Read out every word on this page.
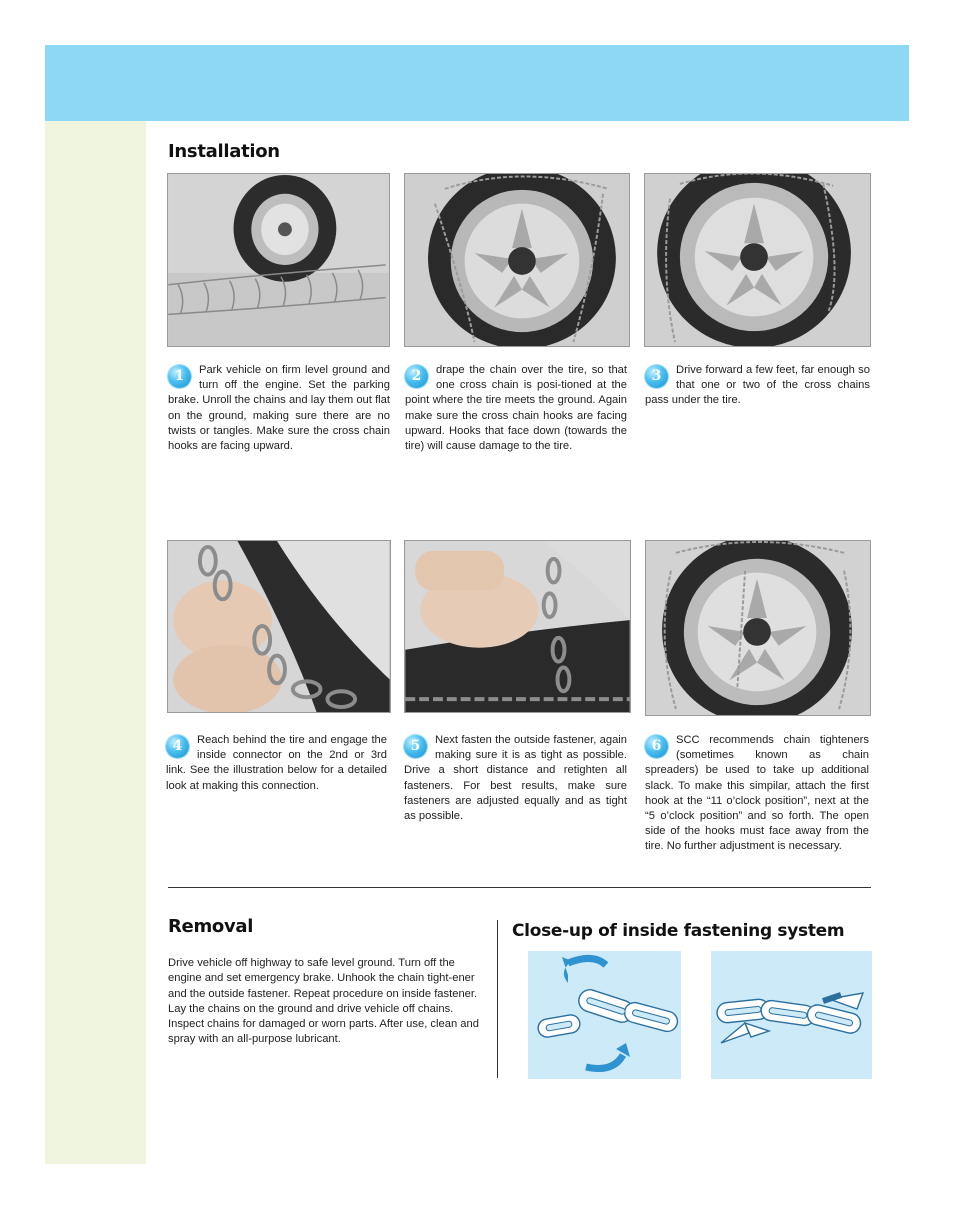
Installation
1	Park vehicle on firm level ground and turn off the engine. Set the parking brake. Unroll the chains and lay them out flat on the ground, making sure there are no twists or tangles. Make sure the cross chain hooks are facing upward.
2	drape the chain over the tire, so that one cross chain is posi-tioned at the point where the tire meets the ground. Again make sure the cross chain hooks are facing upward. Hooks that face down (towards the tire) will cause damage to the tire.
3	Drive forward a few feet, far enough so that one or two of the cross chains pass under the tire.
4	Reach behind the tire and engage the inside connector on the 2nd or 3rd link. See the illustration below for a detailed look at making this connection.
5	Next fasten the outside fastener, again making sure it is as tight as possible. Drive a short distance and retighten all fasteners. For best results, make sure fasteners are adjusted equally and as tight as possible.
6	SCC recommends chain tighteners (sometimes known as chain spreaders) be used to take up additional slack. To make this simpilar, attach the first hook at the “11 o’clock position”, next at the “5 o’clock position” and so forth. The open side of the hooks must face away from the tire. No further adjustment is necessary.
Removal
Drive vehicle off highway to safe level ground. Turn off the engine and set emergency brake. Unhook the chain tight-ener and the outside fastener. Repeat procedure on inside fastener. Lay the chains on the ground and drive vehicle off chains. Inspect chains for damaged or worn parts. After use, clean and spray with an all-purpose lubricant.
Close-up of inside fastening system
